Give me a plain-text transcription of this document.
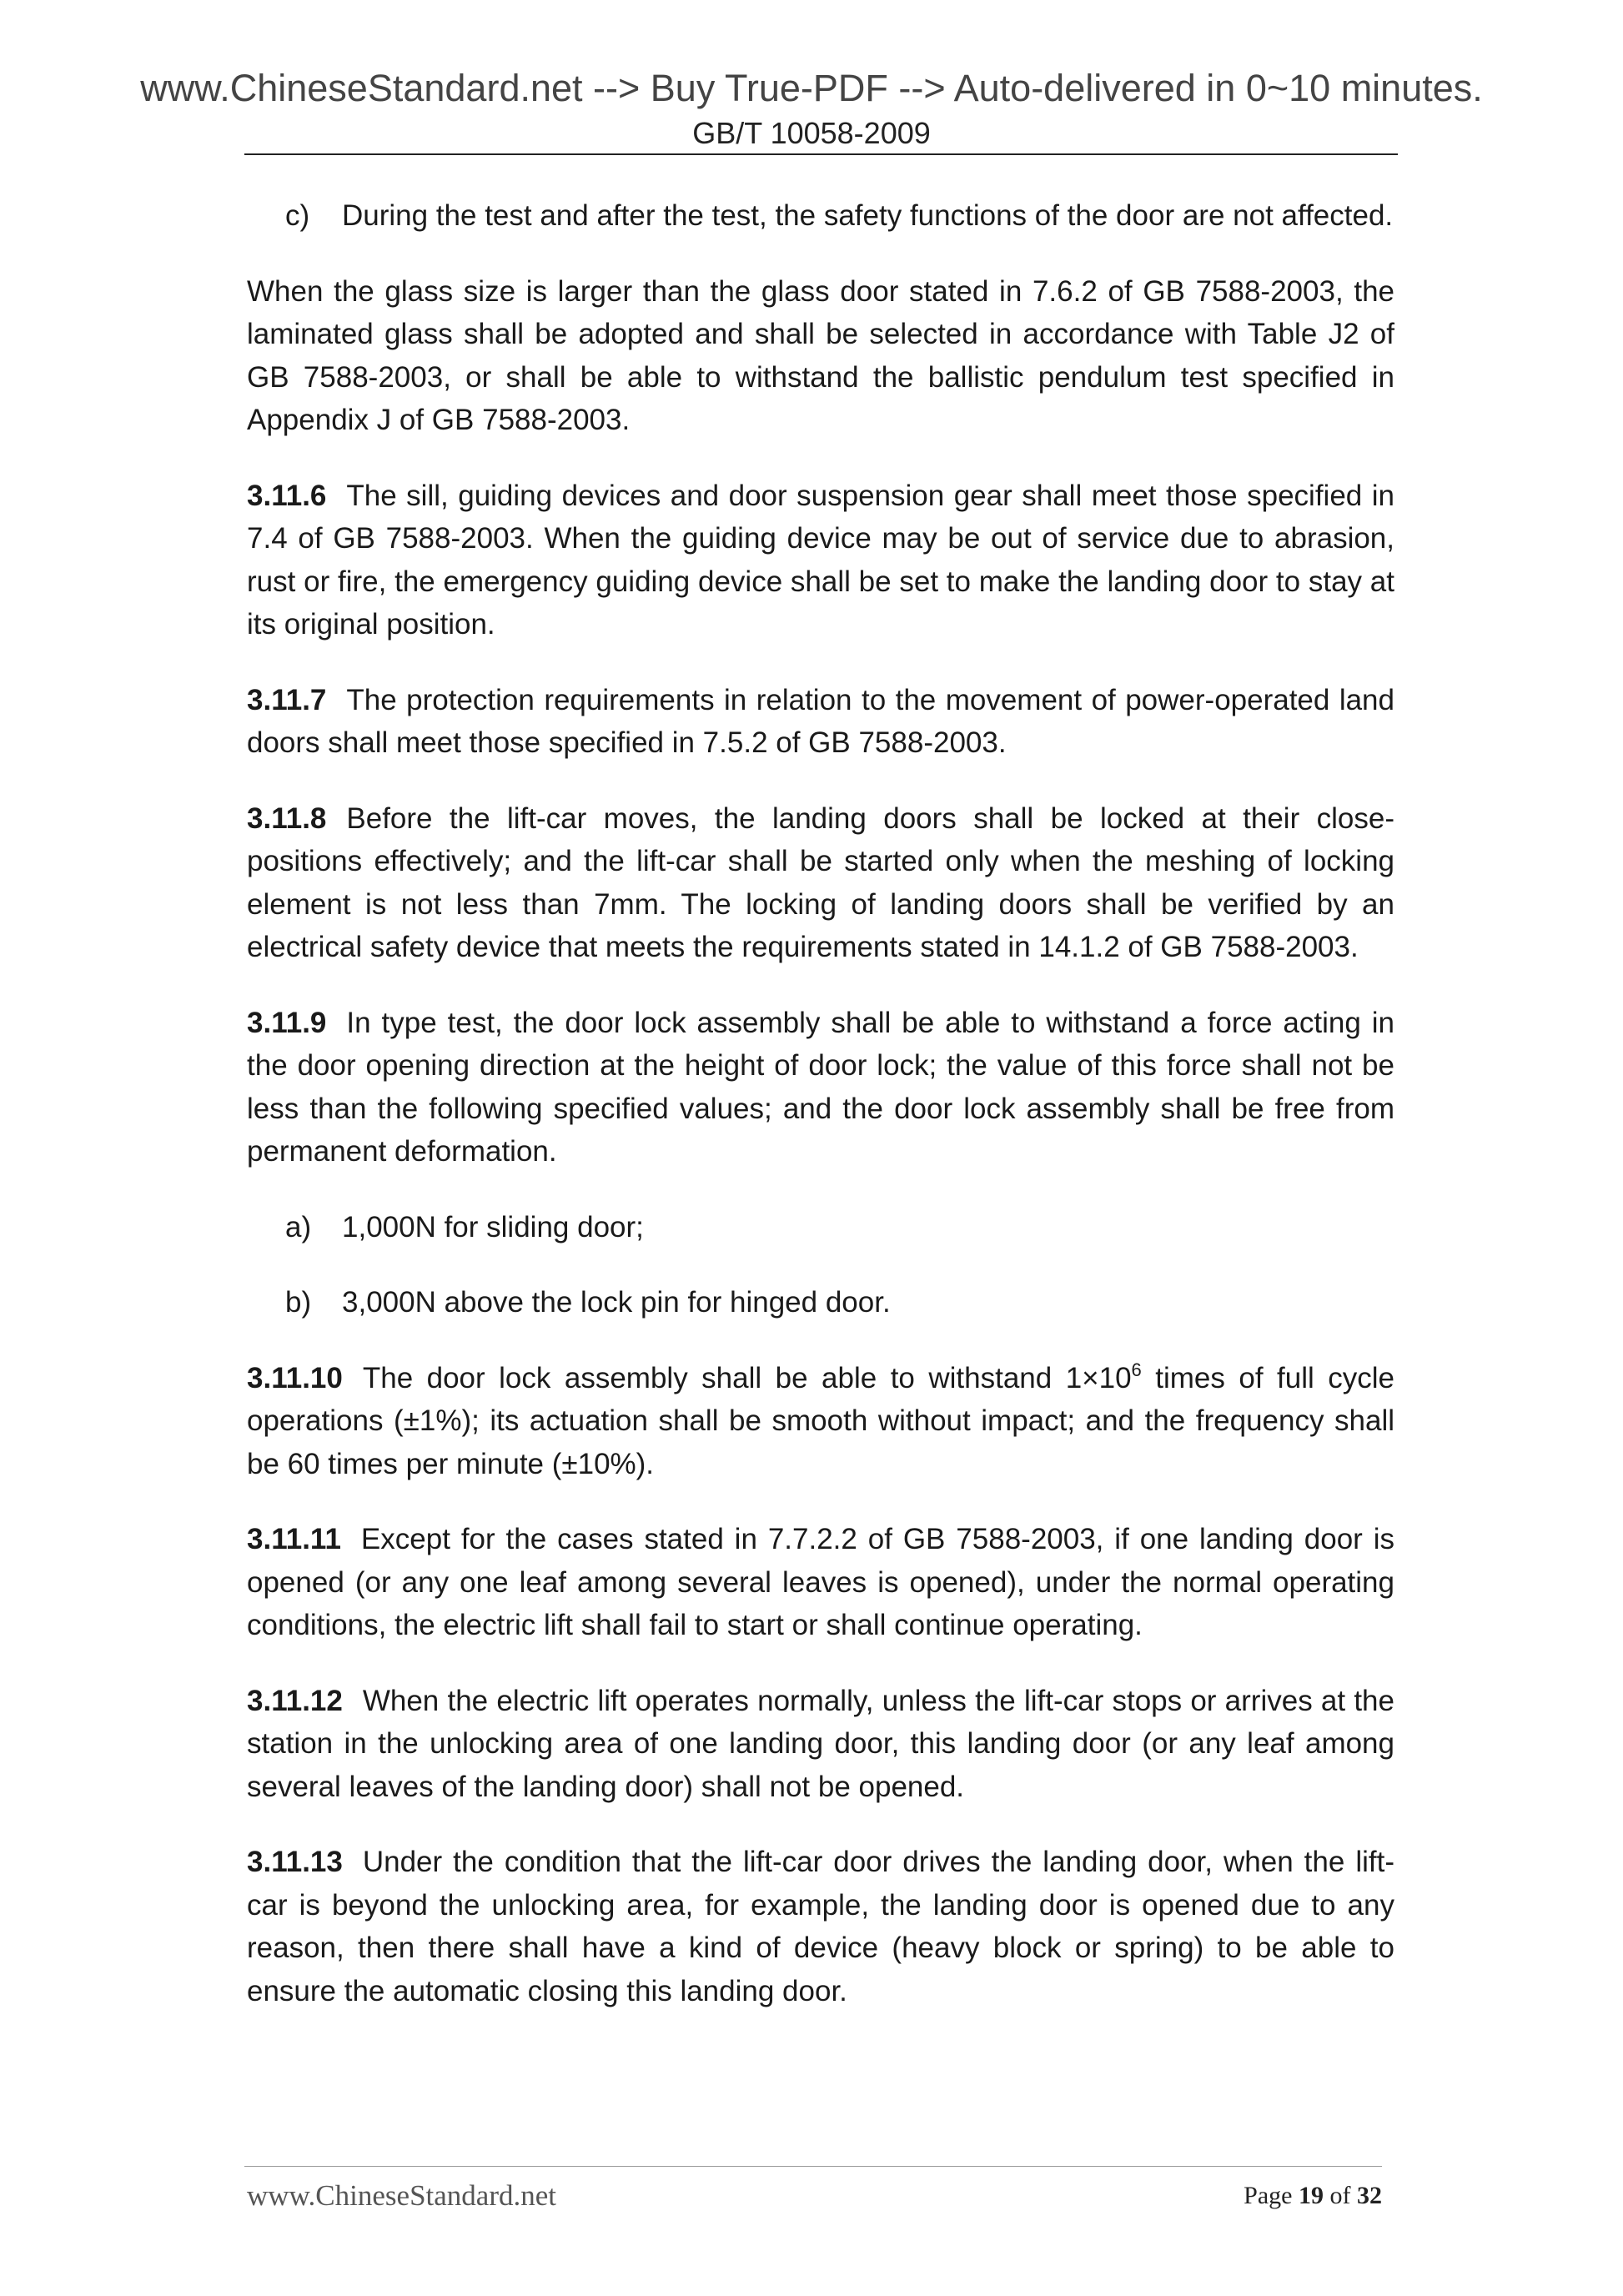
www.ChineseStandard.net --> Buy True-PDF --> Auto-delivered in 0~10 minutes.
GB/T 10058-2009
c)	During the test and after the test, the safety functions of the door are not affected.

When the glass size is larger than the glass door stated in 7.6.2 of GB 7588-2003, the laminated glass shall be adopted and shall be selected in accordance with Table J2 of GB 7588-2003, or shall be able to withstand the ballistic pendulum test specified in Appendix J of GB 7588-2003.

3.11.6 The sill, guiding devices and door suspension gear shall meet those specified in 7.4 of GB 7588-2003. When the guiding device may be out of service due to abrasion, rust or fire, the emergency guiding device shall be set to make the landing door to stay at its original position.

3.11.7 The protection requirements in relation to the movement of power-operated land doors shall meet those specified in 7.5.2 of GB 7588-2003.

3.11.8 Before the lift-car moves, the landing doors shall be locked at their close-positions effectively; and the lift-car shall be started only when the meshing of locking element is not less than 7mm. The locking of landing doors shall be verified by an electrical safety device that meets the requirements stated in 14.1.2 of GB 7588-2003.

3.11.9 In type test, the door lock assembly shall be able to withstand a force acting in the door opening direction at the height of door lock; the value of this force shall not be less than the following specified values; and the door lock assembly shall be free from permanent deformation.

a) 1,000N for sliding door;
b) 3,000N above the lock pin for hinged door.

3.11.10 The door lock assembly shall be able to withstand $1\times 10^6$ times of full cycle operations (±1%); its actuation shall be smooth without impact; and the frequency shall be 60 times per minute (±10%).

3.11.11 Except for the cases stated in 7.7.2.2 of GB 7588-2003, if one landing door is opened (or any one leaf among several leaves is opened), under the normal operating conditions, the electric lift shall fail to start or shall continue operating.

3.11.12 When the electric lift operates normally, unless the lift-car stops or arrives at the station in the unlocking area of one landing door, this landing door (or any leaf among several leaves of the landing door) shall not be opened.

3.11.13 Under the condition that the lift-car door drives the landing door, when the lift-car is beyond the unlocking area, for example, the landing door is opened due to any reason, then there shall have a kind of device (heavy block or spring) to be able to ensure the automatic closing this landing door.

www.ChineseStandard.net	Page 19 of 32
